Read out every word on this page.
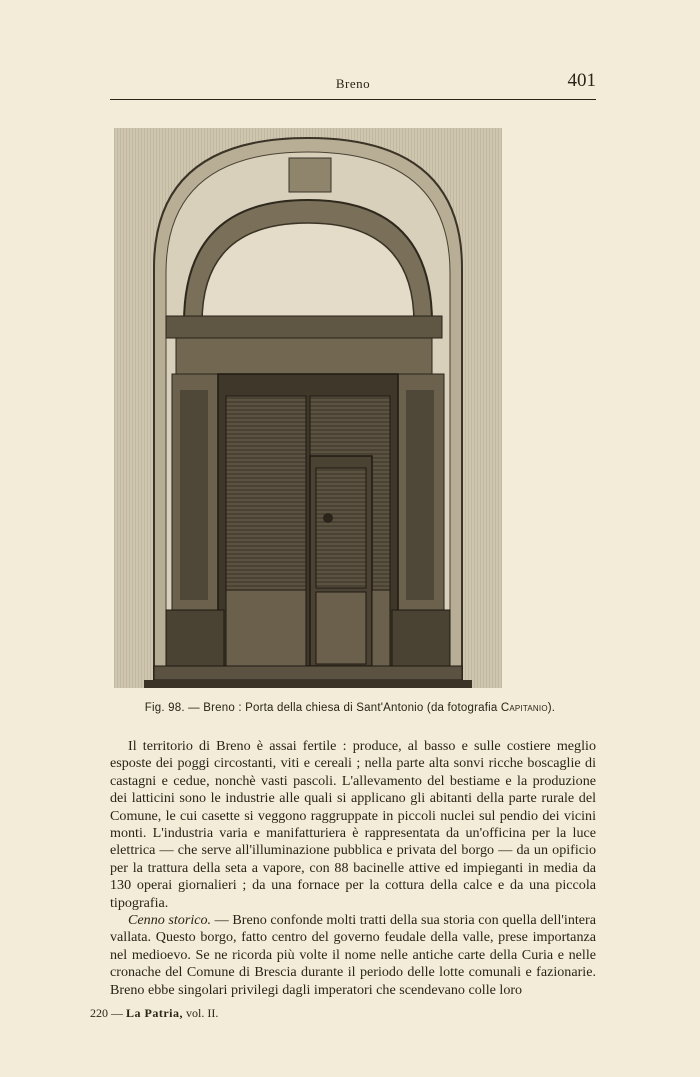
Breno	401
Fig. 98. — Breno : Porta della chiesa di Sant'Antonio (da fotografia Capitanio).

Il territorio di Breno è assai fertile : produce, al basso e sulle costiere meglio esposte dei poggi circostanti, viti e cereali ; nella parte alta sonvi ricche boscaglie di castagni e cedue, nonchè vasti pascoli. L'allevamento del bestiame e la produzione dei latticini sono le industrie alle quali si applicano gli abitanti della parte rurale del Comune, le cui casette si veggono raggruppate in piccoli nuclei sul pendio dei vicini monti. L'industria varia e manifatturiera è rappresentata da un'officina per la luce elettrica — che serve all'illuminazione pubblica e privata del borgo — da un opificio per la trattura della seta a vapore, con 88 bacinelle attive ed impieganti in media da 130 operai giornalieri ; da una fornace per la cottura della calce e da una piccola tipografia.

Cenno storico. — Breno confonde molti tratti della sua storia con quella dell'intera vallata. Questo borgo, fatto centro del governo feudale della valle, prese importanza nel medioevo. Se ne ricorda più volte il nome nelle antiche carte della Curia e nelle cronache del Comune di Brescia durante il periodo delle lotte comunali e fazionarie. Breno ebbe singolari privilegi dagli imperatori che scendevano colle loro

220 — La Patria, vol. II.
